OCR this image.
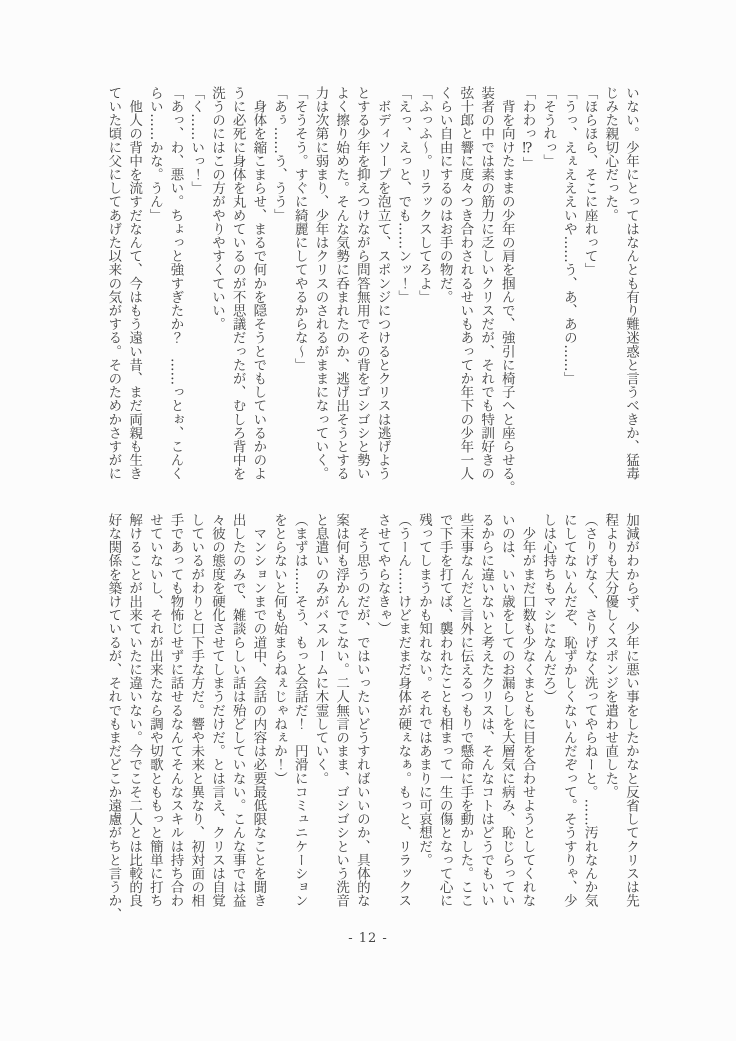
いない。少年にとってはなんとも有り難迷惑と言うべきか、猛毒

じみた親切心だった。

「ほらほら、そこに座れって」

「うっ、えぇえええいや……う、あ、あの……」

「そうれっ」

「わわっ⁉」

　背を向けたままの少年の肩を掴んで、強引に椅子へと座らせる。

装者の中では素の筋力に乏しいクリスだが、それでも特訓好きの

弦十郎と響に度々つき合わされるせいもあってか年下の少年一人

くらい自由にするのはお手の物だ。

「ふっふ〜。リラックスしてろよ」

「えっ、えっと、でも……ンッ！」

　ボディソープを泡立て、スポンジにつけるとクリスは逃げよう

とする少年を抑えつけながら問答無用でその背をゴシゴシと勢い

よく擦り始めた。そんな気勢に呑まれたのか、逃げ出そうとする

力は次第に弱まり、少年はクリスのされるがままになっていく。

「そうそう。すぐに綺麗にしてやるからな〜」

「あぅ……う、うう」

　身体を縮こまらせ、まるで何かを隠そうとでもしているかのよ

うに必死に身体を丸めているのが不思議だったが、むしろ背中を

洗うのにはこの方がやりやすくていい。

「く……いっ！」

「あっ、わ、悪い。ちょっと強すぎたか？　……っとぉ、こんく

らい……かな。うん」

　他人の背中を流すだなんて、今はもう遠い昔、まだ両親も生き

ていた頃に父にしてあげた以来の気がする。そのためかさすがに

加減がわからず、少年に悪い事をしたかなと反省してクリスは先

程よりも大分優しくスポンジを遣わせ直した。

（さりげなく、さりげなく洗ってやらねーと。……汚れなんか気

にしてないんだぞ、恥ずかしくないんだぞって。そうすりゃ、少

しは心持ちもマシになんだろ）

　少年がまだ口数も少なくまともに目を合わせようとしてくれな

いのは、いい歳をしてのお漏らしを大層気に病み、恥じらってい

るからに違いないと考えたクリスは、そんなコトはどうでもいい

些末事なんだと言外に伝えるつもりで懸命に手を動かした。ここ

で下手を打てば、襲われたことも相まって一生の傷となって心に

残ってしまうかも知れない。それではあまりに可哀想だ。

（うーん……けどまだまだ身体が硬ぇなぁ。もっと、リラックス

させてやらなきゃ）

　そう思うのだが、ではいったいどうすればいいのか、具体的な

案は何も浮かんでこない。二人無言のまま、ゴシゴシという洗音

と息遣いのみがバスルームに木霊していく。

（まずは……そう、もっと会話だ！　円滑にコミュニケーション

をとらないと何も始まらねぇじゃねぇか！）

　マンションまでの道中、会話の内容は必要最低限なことを聞き

出したのみで、雑談らしい話は殆どしていない。こんな事では益

々彼の態度を硬化させてしまうだけだ。とは言え、クリスは自覚

しているがわりと口下手な方だ。響や未来と異なり、初対面の相

手であっても物怖じせずに話せるなんてそんなスキルは持ち合わ

せていないし、それが出来たなら調や切歌とももっと簡単に打ち

解けることが出来ていたに違いない。今でこそ二人とは比較的良

好な関係を築けているが、それでもまだどこか遠慮がちと言うか、

- 12 -
